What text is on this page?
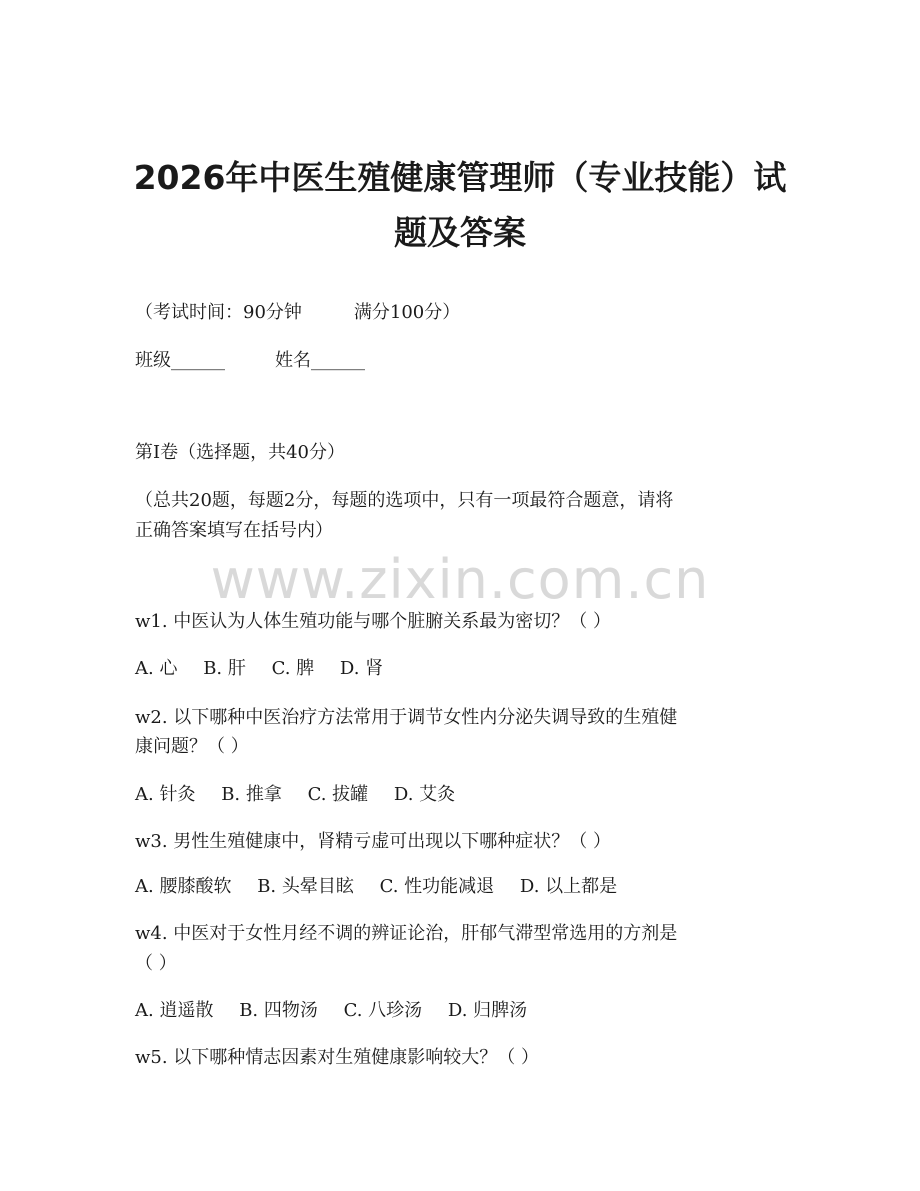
2026年中医生殖健康管理师（专业技能）试
题及答案
（考试时间：90分钟	满分100分）
班级______	姓名______
第Ⅰ卷（选择题，共40分）
（总共20题，每题2分，每题的选项中，只有一项最符合题意，请将
正确答案填写在括号内）
www.zixin.com.cn
w1. 中医认为人体生殖功能与哪个脏腑关系最为密切？（ ）
A. 心 B. 肝 C. 脾 D. 肾
w2. 以下哪种中医治疗方法常用于调节女性内分泌失调导致的生殖健
康问题？（ ）
A. 针灸 B. 推拿 C. 拔罐 D. 艾灸
w3. 男性生殖健康中，肾精亏虚可出现以下哪种症状？（ ）
A. 腰膝酸软 B. 头晕目眩 C. 性功能减退 D. 以上都是
w4. 中医对于女性月经不调的辨证论治，肝郁气滞型常选用的方剂是
（ ）
A. 逍遥散 B. 四物汤 C. 八珍汤 D. 归脾汤
w5. 以下哪种情志因素对生殖健康影响较大？（ ）
